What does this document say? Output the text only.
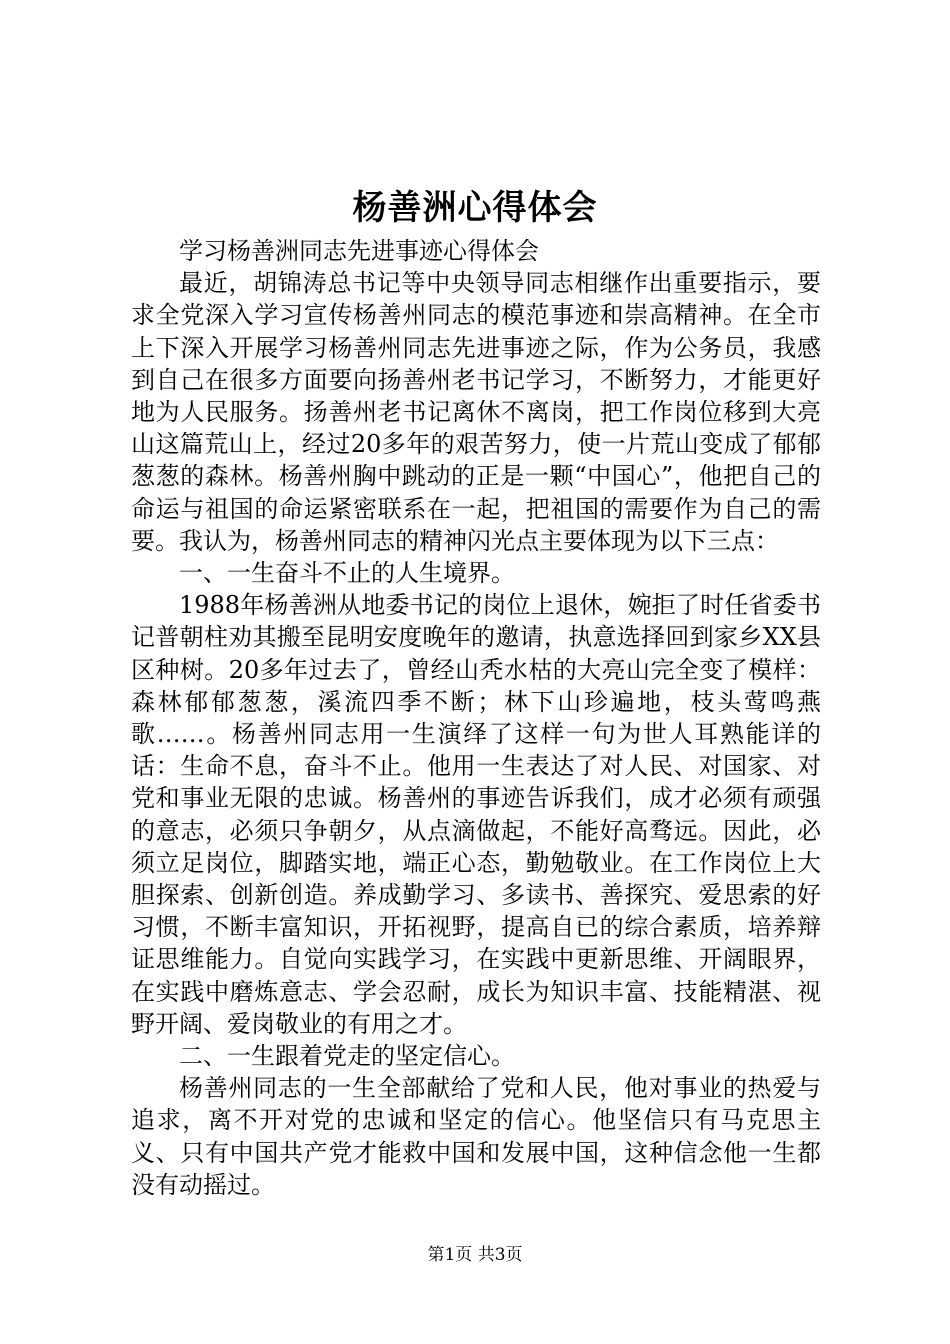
杨善洲心得体会

学习杨善洲同志先进事迹心得体会

最近，胡锦涛总书记等中央领导同志相继作出重要指示，要求全党深入学习宣传杨善州同志的模范事迹和崇高精神。在全市上下深入开展学习杨善州同志先进事迹之际，作为公务员，我感到自己在很多方面要向扬善州老书记学习，不断努力，才能更好地为人民服务。扬善州老书记离休不离岗，把工作岗位移到大亮山这篇荒山上，经过20多年的艰苦努力，使一片荒山变成了郁郁葱葱的森林。杨善州胸中跳动的正是一颗“中国心”，他把自己的命运与祖国的命运紧密联系在一起，把祖国的需要作为自己的需要。我认为，杨善州同志的精神闪光点主要体现为以下三点：

一、一生奋斗不止的人生境界。

1988年杨善洲从地委书记的岗位上退休，婉拒了时任省委书记普朝柱劝其搬至昆明安度晚年的邀请，执意选择回到家乡XX县区种树。20多年过去了，曾经山秃水枯的大亮山完全变了模样：森林郁郁葱葱，溪流四季不断；林下山珍遍地，枝头莺鸣燕歌……。杨善州同志用一生演绎了这样一句为世人耳熟能详的话：生命不息，奋斗不止。他用一生表达了对人民、对国家、对党和事业无限的忠诚。杨善州的事迹告诉我们，成才必须有顽强的意志，必须只争朝夕，从点滴做起，不能好高骛远。因此，必须立足岗位，脚踏实地，端正心态，勤勉敬业。在工作岗位上大胆探索、创新创造。养成勤学习、多读书、善探究、爱思索的好习惯，不断丰富知识，开拓视野，提高自已的综合素质，培养辩证思维能力。自觉向实践学习，在实践中更新思维、开阔眼界，在实践中磨炼意志、学会忍耐，成长为知识丰富、技能精湛、视野开阔、爱岗敬业的有用之才。

二、一生跟着党走的坚定信心。

杨善州同志的一生全部献给了党和人民，他对事业的热爱与追求，离不开对党的忠诚和坚定的信心。他坚信只有马克思主义、只有中国共产党才能救中国和发展中国，这种信念他一生都没有动摇过。

第1页 共3页
